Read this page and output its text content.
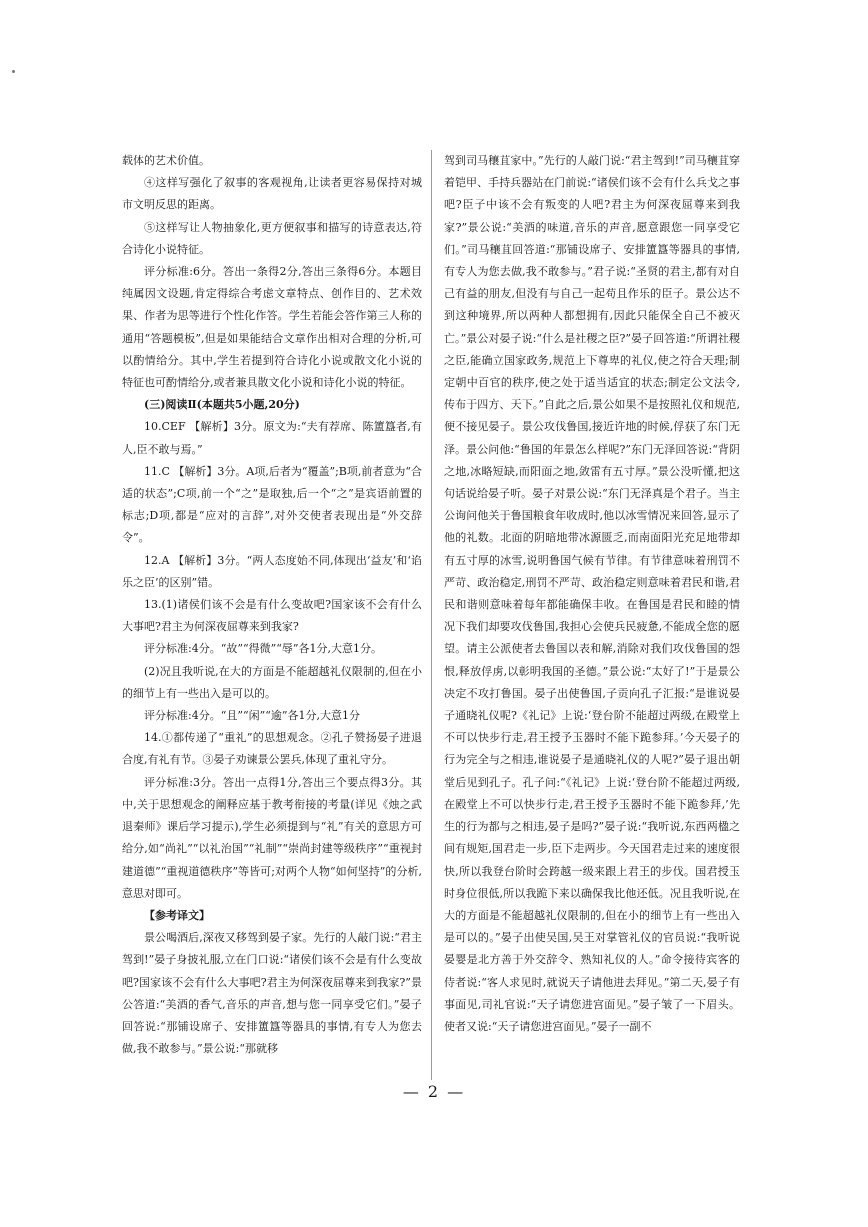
载体的艺术价值。

④这样写强化了叙事的客观视角,让读者更容易保持对城市文明反思的距离。

⑤这样写让人物抽象化,更方便叙事和描写的诗意表达,符合诗化小说特征。

评分标准:6分。答出一条得2分,答出三条得6分。本题目纯属因文设题,肯定得综合考虑文章特点、创作目的、艺术效果、作者为思等进行个性化作答。学生若能会答作第三人称的通用“答题模板”,但是如果能结合文章作出相对合理的分析,可以酌情给分。其中,学生若提到符合诗化小说或散文化小说的特征也可酌情给分,或者兼具散文化小说和诗化小说的特征。

(三)阅读Ⅱ(本题共5小题,20分)

10.CEF 【解析】3分。原文为:“夫有荐席、陈簠簋者,有人,臣不敢与焉。”

11.C 【解析】3分。A项,后者为“覆盖”;B项,前者意为“合适的状态”;C项,前一个“之”是取独,后一个“之”是宾语前置的标志;D项,都是“应对的言辞”,对外交使者表现出是“外交辞令”。

12.A 【解析】3分。“两人态度始不同,体现出‘益友’和‘谄乐之臣’的区别”错。

13.(1)诸侯们该不会是有什么变故吧?国家该不会有什么大事吧?君主为何深夜屈尊来到我家?

评分标准:4分。“故”“得微”“辱”各1分,大意1分。

(2)况且我听说,在大的方面是不能超越礼仪限制的,但在小的细节上有一些出入是可以的。

评分标准:4分。“且”“闲”“逾”各1分,大意1分

14.①都传递了“重礼”的思想观念。②孔子赞扬晏子进退合度,有礼有节。③晏子劝谏景公罢兵,体现了重礼守分。

评分标准:3分。答出一点得1分,答出三个要点得3分。其中,关于思想观念的阐释应基于教考衔接的考量(详见《烛之武退秦师》课后学习提示),学生必须提到与“礼”有关的意思方可给分,如“尚礼”“以礼治国”“礼制”“崇尚封建等级秩序”“重视封建道德”“重视道德秩序”等皆可;对两个人物“如何坚持”的分析,意思对即可。

【参考译文】

景公喝酒后,深夜又移驾到晏子家。先行的人敲门说:“君主驾到!”晏子身披礼服,立在门口说:“诸侯们该不会是有什么变故吧?国家该不会有什么大事吧?君主为何深夜屈尊来到我家?”景公答道:“美酒的香气,音乐的声音,想与您一同享受它们。”晏子回答说:“那铺设席子、安排簠簋等器具的事情,有专人为您去做,我不敢参与。”景公说:“那就移

驾到司马穰苴家中。”先行的人敲门说:“君主驾到!”司马穰苴穿着铠甲、手持兵器站在门前说:“诸侯们该不会有什么兵戈之事吧?臣子中该不会有叛变的人吧?君主为何深夜屈尊来到我家?”景公说:“美酒的味道,音乐的声音,愿意跟您一同享受它们。”司马穰苴回答道:“那铺设席子、安排簠簋等器具的事情,有专人为您去做,我不敢参与。”君子说:“圣贤的君主,都有对自己有益的朋友,但没有与自己一起苟且作乐的臣子。景公达不到这种境界,所以两种人都想拥有,因此只能保全自己不被灭亡。”景公对晏子说:“什么是社稷之臣?”晏子回答道:“所谓社稷之臣,能确立国家政务,规范上下尊卑的礼仪,使之符合天理;制定朝中百官的秩序,使之处于适当适宜的状态;制定公文法令,传布于四方、天下。”自此之后,景公如果不是按照礼仪和规范,便不接见晏子。景公攻伐鲁国,接近许地的时候,俘获了东门无泽。景公问他:“鲁国的年景怎么样呢?”东门无泽回答说:“背阴之地,冰略短缺,而阳面之地,敛雷有五寸厚。”景公没听懂,把这句话说给晏子听。晏子对景公说:“东门无泽真是个君子。当主公询问他关于鲁国粮食年收成时,他以冰雪情况来回答,显示了他的礼数。北面的阴暗地带冰源匮乏,而南面阳光充足地带却有五寸厚的冰雪,说明鲁国气候有节律。有节律意味着刑罚不严苛、政治稳定,刑罚不严苛、政治稳定则意味着君民和谐,君民和谐则意味着每年都能确保丰收。在鲁国是君民和睦的情况下我们却要攻伐鲁国,我担心会使兵民疲惫,不能成全您的愿望。请主公派使者去鲁国以表和解,消除对我们攻伐鲁国的怨恨,释放俘虏,以彰明我国的圣德。”景公说:“太好了!”于是景公决定不攻打鲁国。晏子出使鲁国,子贡向孔子汇报:“是谁说晏子通晓礼仪呢?《礼记》上说:‘登台阶不能超过两级,在殿堂上不可以快步行走,君王授予玉器时不能下跪参拜。’今天晏子的行为完全与之相违,谁说晏子是通晓礼仪的人呢?”晏子退出朝堂后见到孔子。孔子问:“《礼记》上说:‘登台阶不能超过两级,在殿堂上不可以快步行走,君王授予玉器时不能下跪参拜,’先生的行为都与之相违,晏子是吗?”晏子说:“我听说,东西两楹之间有规矩,国君走一步,臣下走两步。今天国君走过来的速度很快,所以我登台阶时会跨越一级来跟上君王的步伐。国君授玉时身位很低,所以我跪下来以确保我比他还低。况且我听说,在大的方面是不能超越礼仪限制的,但在小的细节上有一些出入是可以的。”晏子出使吴国,吴王对掌管礼仪的官员说:“我听说晏婴是北方善于外交辞令、熟知礼仪的人。”命令接待宾客的侍者说:“客人求见时,就说天子请他进去拜见。”第二天,晏子有事面见,司礼官说:“天子请您进宫面见。”晏子皱了一下眉头。使者又说:“天子请您进宫面见。”晏子一副不

— 2 —
